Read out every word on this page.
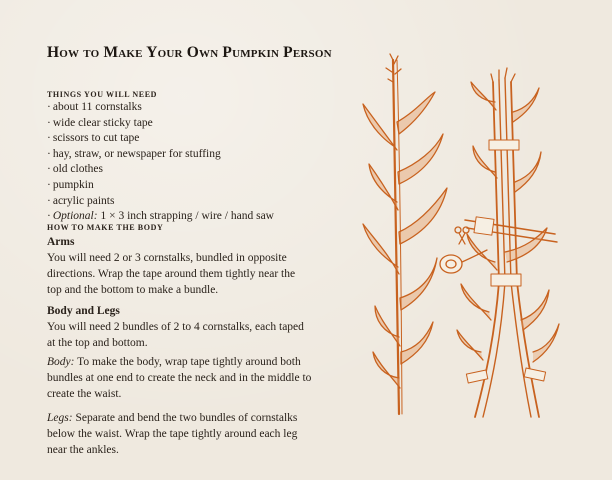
How to Make Your Own Pumpkin Person
THINGS YOU WILL NEED
· about 11 cornstalks
· wide clear sticky tape
· scissors to cut tape
· hay, straw, or newspaper for stuffing
· old clothes
· pumpkin
· acrylic paints
· Optional: 1 × 3 inch strapping / wire / hand saw
HOW TO MAKE THE BODY
Arms

You will need 2 or 3 cornstalks, bundled in opposite directions. Wrap the tape around them tightly near the top and the bottom to make a bundle.

Body and Legs

You will need 2 bundles of 2 to 4 cornstalks, each taped at the top and bottom.

Body: To make the body, wrap tape tightly around both bundles at one end to create the neck and in the middle to create the waist.

Legs: Separate and bend the two bundles of cornstalks below the waist. Wrap the tape tightly around each leg near the ankles.
